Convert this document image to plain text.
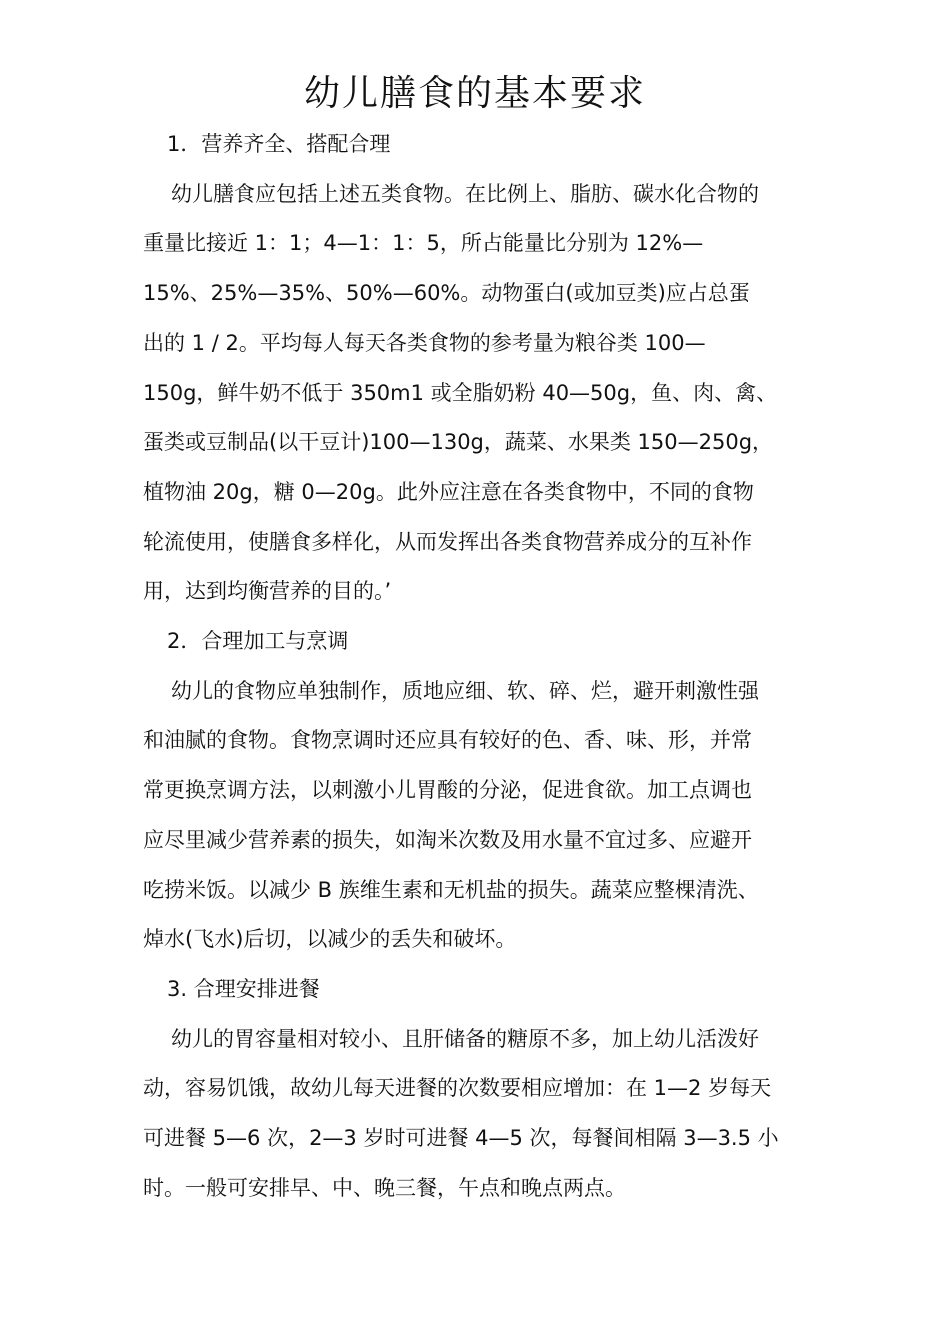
幼儿膳食的基本要求

1．营养齐全、搭配合理

幼儿膳食应包括上述五类食物。在比例上、脂肪、碳水化合物的
重量比接近 1：1；4—1：1：5，所占能量比分别为 12%—
15%、25%—35%、50%—60%。动物蛋白(或加豆类)应占总蛋
出的 1 / 2。平均每人每天各类食物的参考量为粮谷类 100—
150g，鲜牛奶不低于 350m1 或全脂奶粉 40—50g，鱼、肉、禽、
蛋类或豆制品(以干豆计)100—130g，蔬菜、水果类 150—250g，
植物油 20g，糖 0—20g。此外应注意在各类食物中，不同的食物
轮流使用，使膳食多样化，从而发挥出各类食物营养成分的互补作
用，达到均衡营养的目的。’

2．合理加工与烹调

幼儿的食物应单独制作，质地应细、软、碎、烂，避开刺激性强
和油腻的食物。食物烹调时还应具有较好的色、香、味、形，并常
常更换烹调方法，以刺激小儿胃酸的分泌，促进食欲。加工点调也
应尽里减少营养素的损失，如淘米次数及用水量不宜过多、应避开
吃捞米饭。以减少 B 族维生素和无机盐的损失。蔬菜应整棵清洗、
焯水(飞水)后切，以减少的丢失和破坏。

3. 合理安排进餐

幼儿的胃容量相对较小、且肝储备的糖原不多，加上幼儿活泼好
动，容易饥饿，故幼儿每天进餐的次数要相应增加：在 1—2 岁每天
可进餐 5—6 次，2—3 岁时可进餐 4—5 次，每餐间相隔 3—3.5 小
时。一般可安排早、中、晚三餐，午点和晚点两点。
